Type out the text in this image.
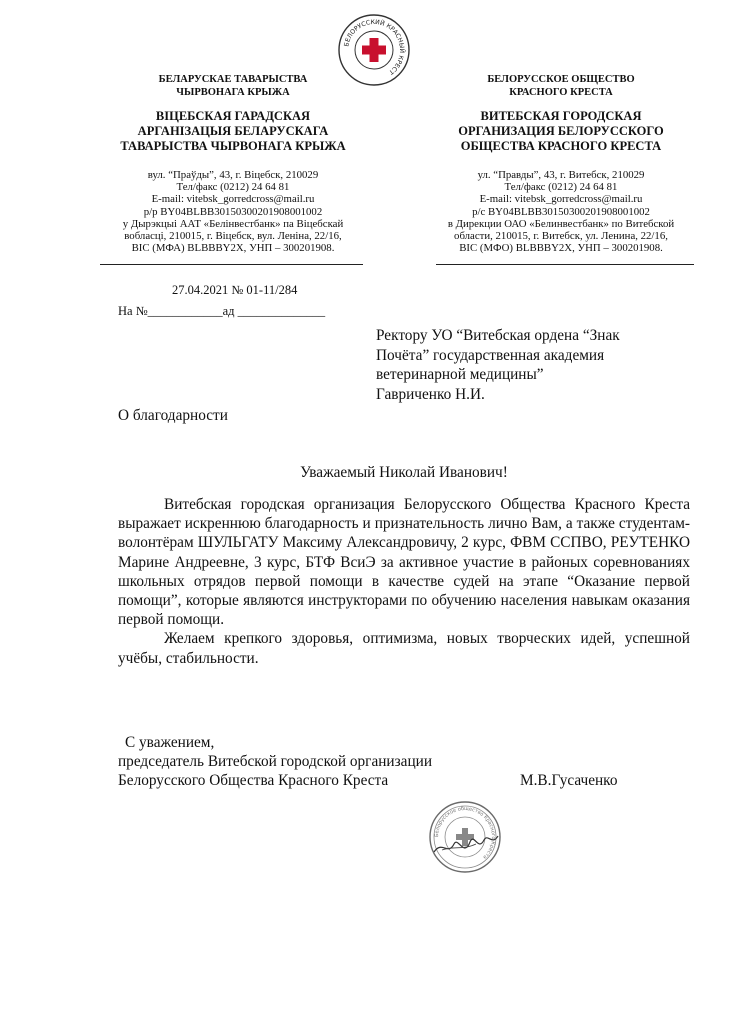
БЕЛОРУССКИЙ КРАСНЫЙ КРЕСТ
БЕЛАРУСКАЕ ТАВАРЫСТВА
ЧЫРВОНАГА КРЫЖА
ВІЦЕБСКАЯ ГАРАДСКАЯ
АРГАНІЗАЦЫЯ БЕЛАРУСКАГА
ТАВАРЫСТВА ЧЫРВОНАГА КРЫЖА
вул. “Праўды”, 43, г. Віцебск, 210029
Тел/факс (0212) 24 64 81
E-mail: vitebsk_gorredcross@mail.ru
р/р BY04BLBB30150300201908001002
у Дырэкцыі ААТ «Белінвестбанк» па Віцебскай
вобласці, 210015, г. Віцебск, вул. Леніна, 22/16,
BIC (МФА) BLBBBY2X, УНП – 300201908.
БЕЛОРУССКОЕ ОБЩЕСТВО
КРАСНОГО КРЕСТА
ВИТЕБСКАЯ ГОРОДСКАЯ
ОРГАНИЗАЦИЯ БЕЛОРУССКОГО
ОБЩЕСТВА КРАСНОГО КРЕСТА
ул. “Правды”, 43, г. Витебск, 210029
Тел/факс (0212) 24 64 81
E-mail: vitebsk_gorredcross@mail.ru
р/с BY04BLBB30150300201908001002
в Дирекции ОАО «Белинвестбанк» по Витебской
области, 210015, г. Витебск, ул. Ленина, 22/16,
BIC (МФО) BLBBBY2X, УНП – 300201908.
27.04.2021 № 01-11/284
На №____________ад ______________
Ректору УО “Витебская ордена “Знак
Почёта” государственная академия
ветеринарной медицины”
Гавриченко Н.И.
О благодарности
Уважаемый Николай Иванович!

Витебская городская организация Белорусского Общества Красного Креста выражает искреннюю благодарность и признательность лично Вам, а также студентам-волонтёрам ШУЛЬГАТУ Максиму Александровичу, 2 курс, ФВМ ССПВО, РЕУТЕНКО Марине Андреевне, 3 курс, БТФ ВсиЭ за активное участие в районых соревнованиях школьных отрядов первой помощи в качестве судей на этапе “Оказание первой помощи”, которые являются инструкторами по обучению населения навыкам оказания первой помощи.

Желаем крепкого здоровья, оптимизма, новых творческих идей, успешной учёбы, стабильности.

С уважением,
председатель Витебской городской организации
Белорусского Общества Красного Креста	М.В.Гусаченко
Белорусское общество Красного Креста
